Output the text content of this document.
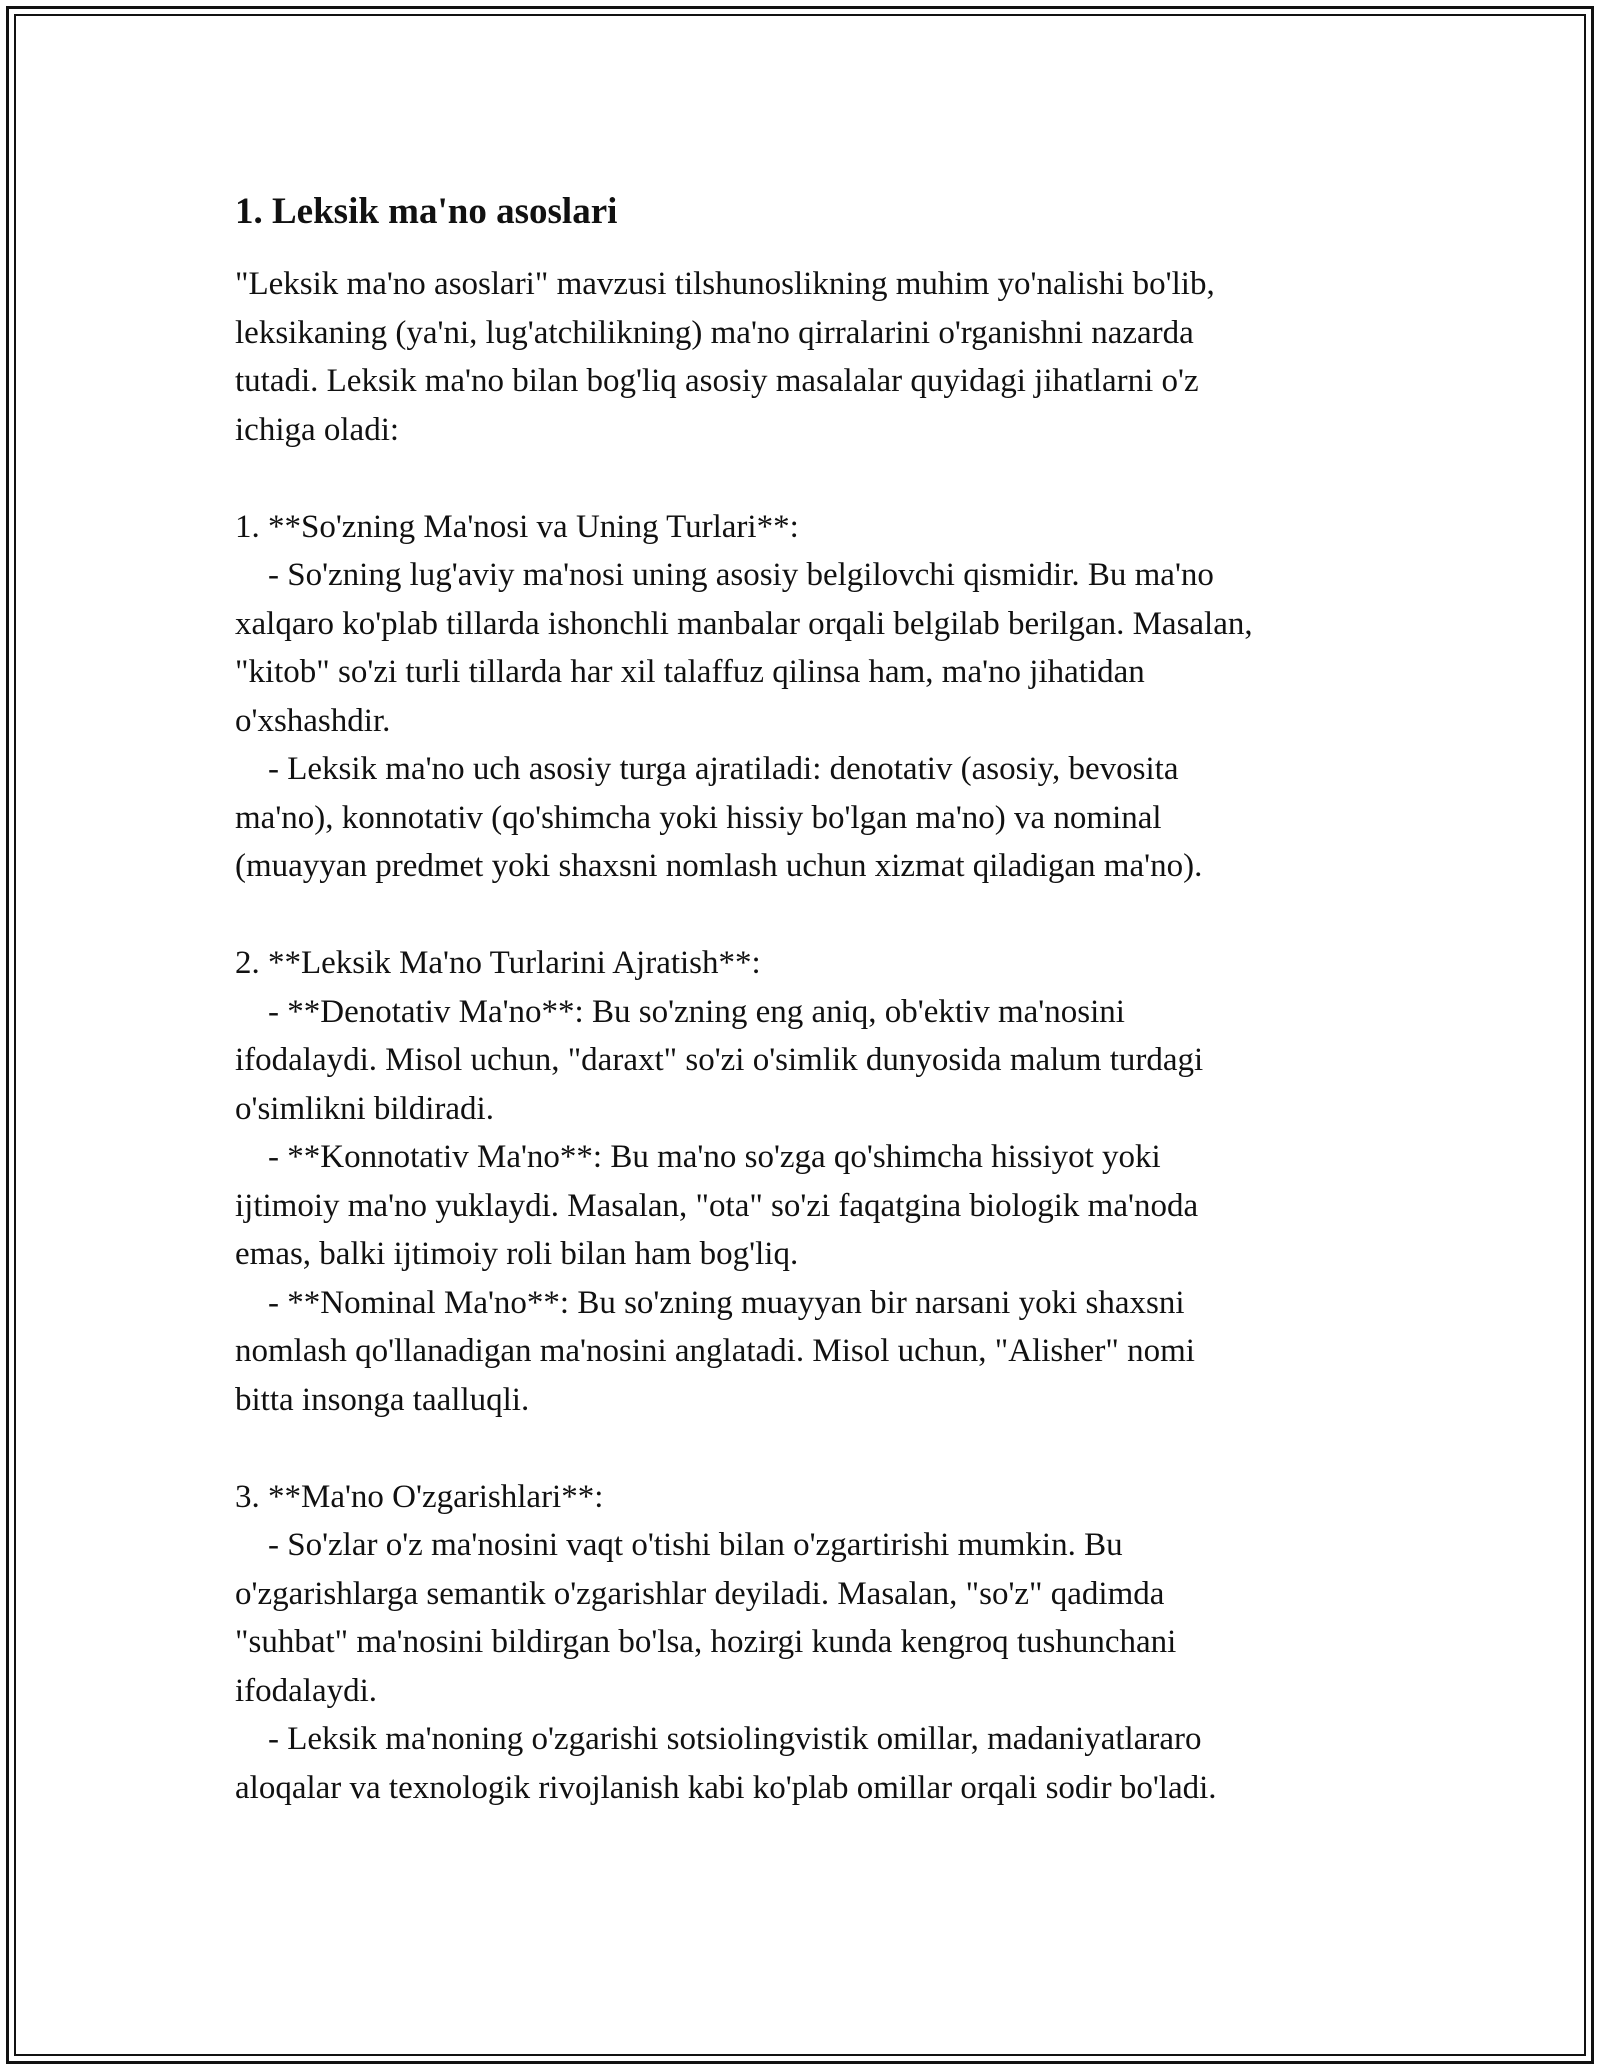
1. Leksik ma'no asoslari

"Leksik ma'no asoslari" mavzusi tilshunoslikning muhim yo'nalishi bo'lib,

leksikaning (ya'ni, lug'atchilikning) ma'no qirralarini o'rganishni nazarda

tutadi. Leksik ma'no bilan bog'liq asosiy masalalar quyidagi jihatlarni o'z

ichiga oladi:

1. **So'zning Ma'nosi va Uning Turlari**:

- So'zning lug'aviy ma'nosi uning asosiy belgilovchi qismidir. Bu ma'no

xalqaro ko'plab tillarda ishonchli manbalar orqali belgilab berilgan. Masalan,

"kitob" so'zi turli tillarda har xil talaffuz qilinsa ham, ma'no jihatidan

o'xshashdir.

- Leksik ma'no uch asosiy turga ajratiladi: denotativ (asosiy, bevosita

ma'no), konnotativ (qo'shimcha yoki hissiy bo'lgan ma'no) va nominal

(muayyan predmet yoki shaxsni nomlash uchun xizmat qiladigan ma'no).

2. **Leksik Ma'no Turlarini Ajratish**:

- **Denotativ Ma'no**: Bu so'zning eng aniq, ob'ektiv ma'nosini

ifodalaydi. Misol uchun, "daraxt" so'zi o'simlik dunyosida malum turdagi

o'simlikni bildiradi.

- **Konnotativ Ma'no**: Bu ma'no so'zga qo'shimcha hissiyot yoki

ijtimoiy ma'no yuklaydi. Masalan, "ota" so'zi faqatgina biologik ma'noda

emas, balki ijtimoiy roli bilan ham bog'liq.

- **Nominal Ma'no**: Bu so'zning muayyan bir narsani yoki shaxsni

nomlash qo'llanadigan ma'nosini anglatadi. Misol uchun, "Alisher" nomi

bitta insonga taalluqli.

3. **Ma'no O'zgarishlari**:

- So'zlar o'z ma'nosini vaqt o'tishi bilan o'zgartirishi mumkin. Bu

o'zgarishlarga semantik o'zgarishlar deyiladi. Masalan, "so'z" qadimda

"suhbat" ma'nosini bildirgan bo'lsa, hozirgi kunda kengroq tushunchani

ifodalaydi.

- Leksik ma'noning o'zgarishi sotsiolingvistik omillar, madaniyatlararo

aloqalar va texnologik rivojlanish kabi ko'plab omillar orqali sodir bo'ladi.
